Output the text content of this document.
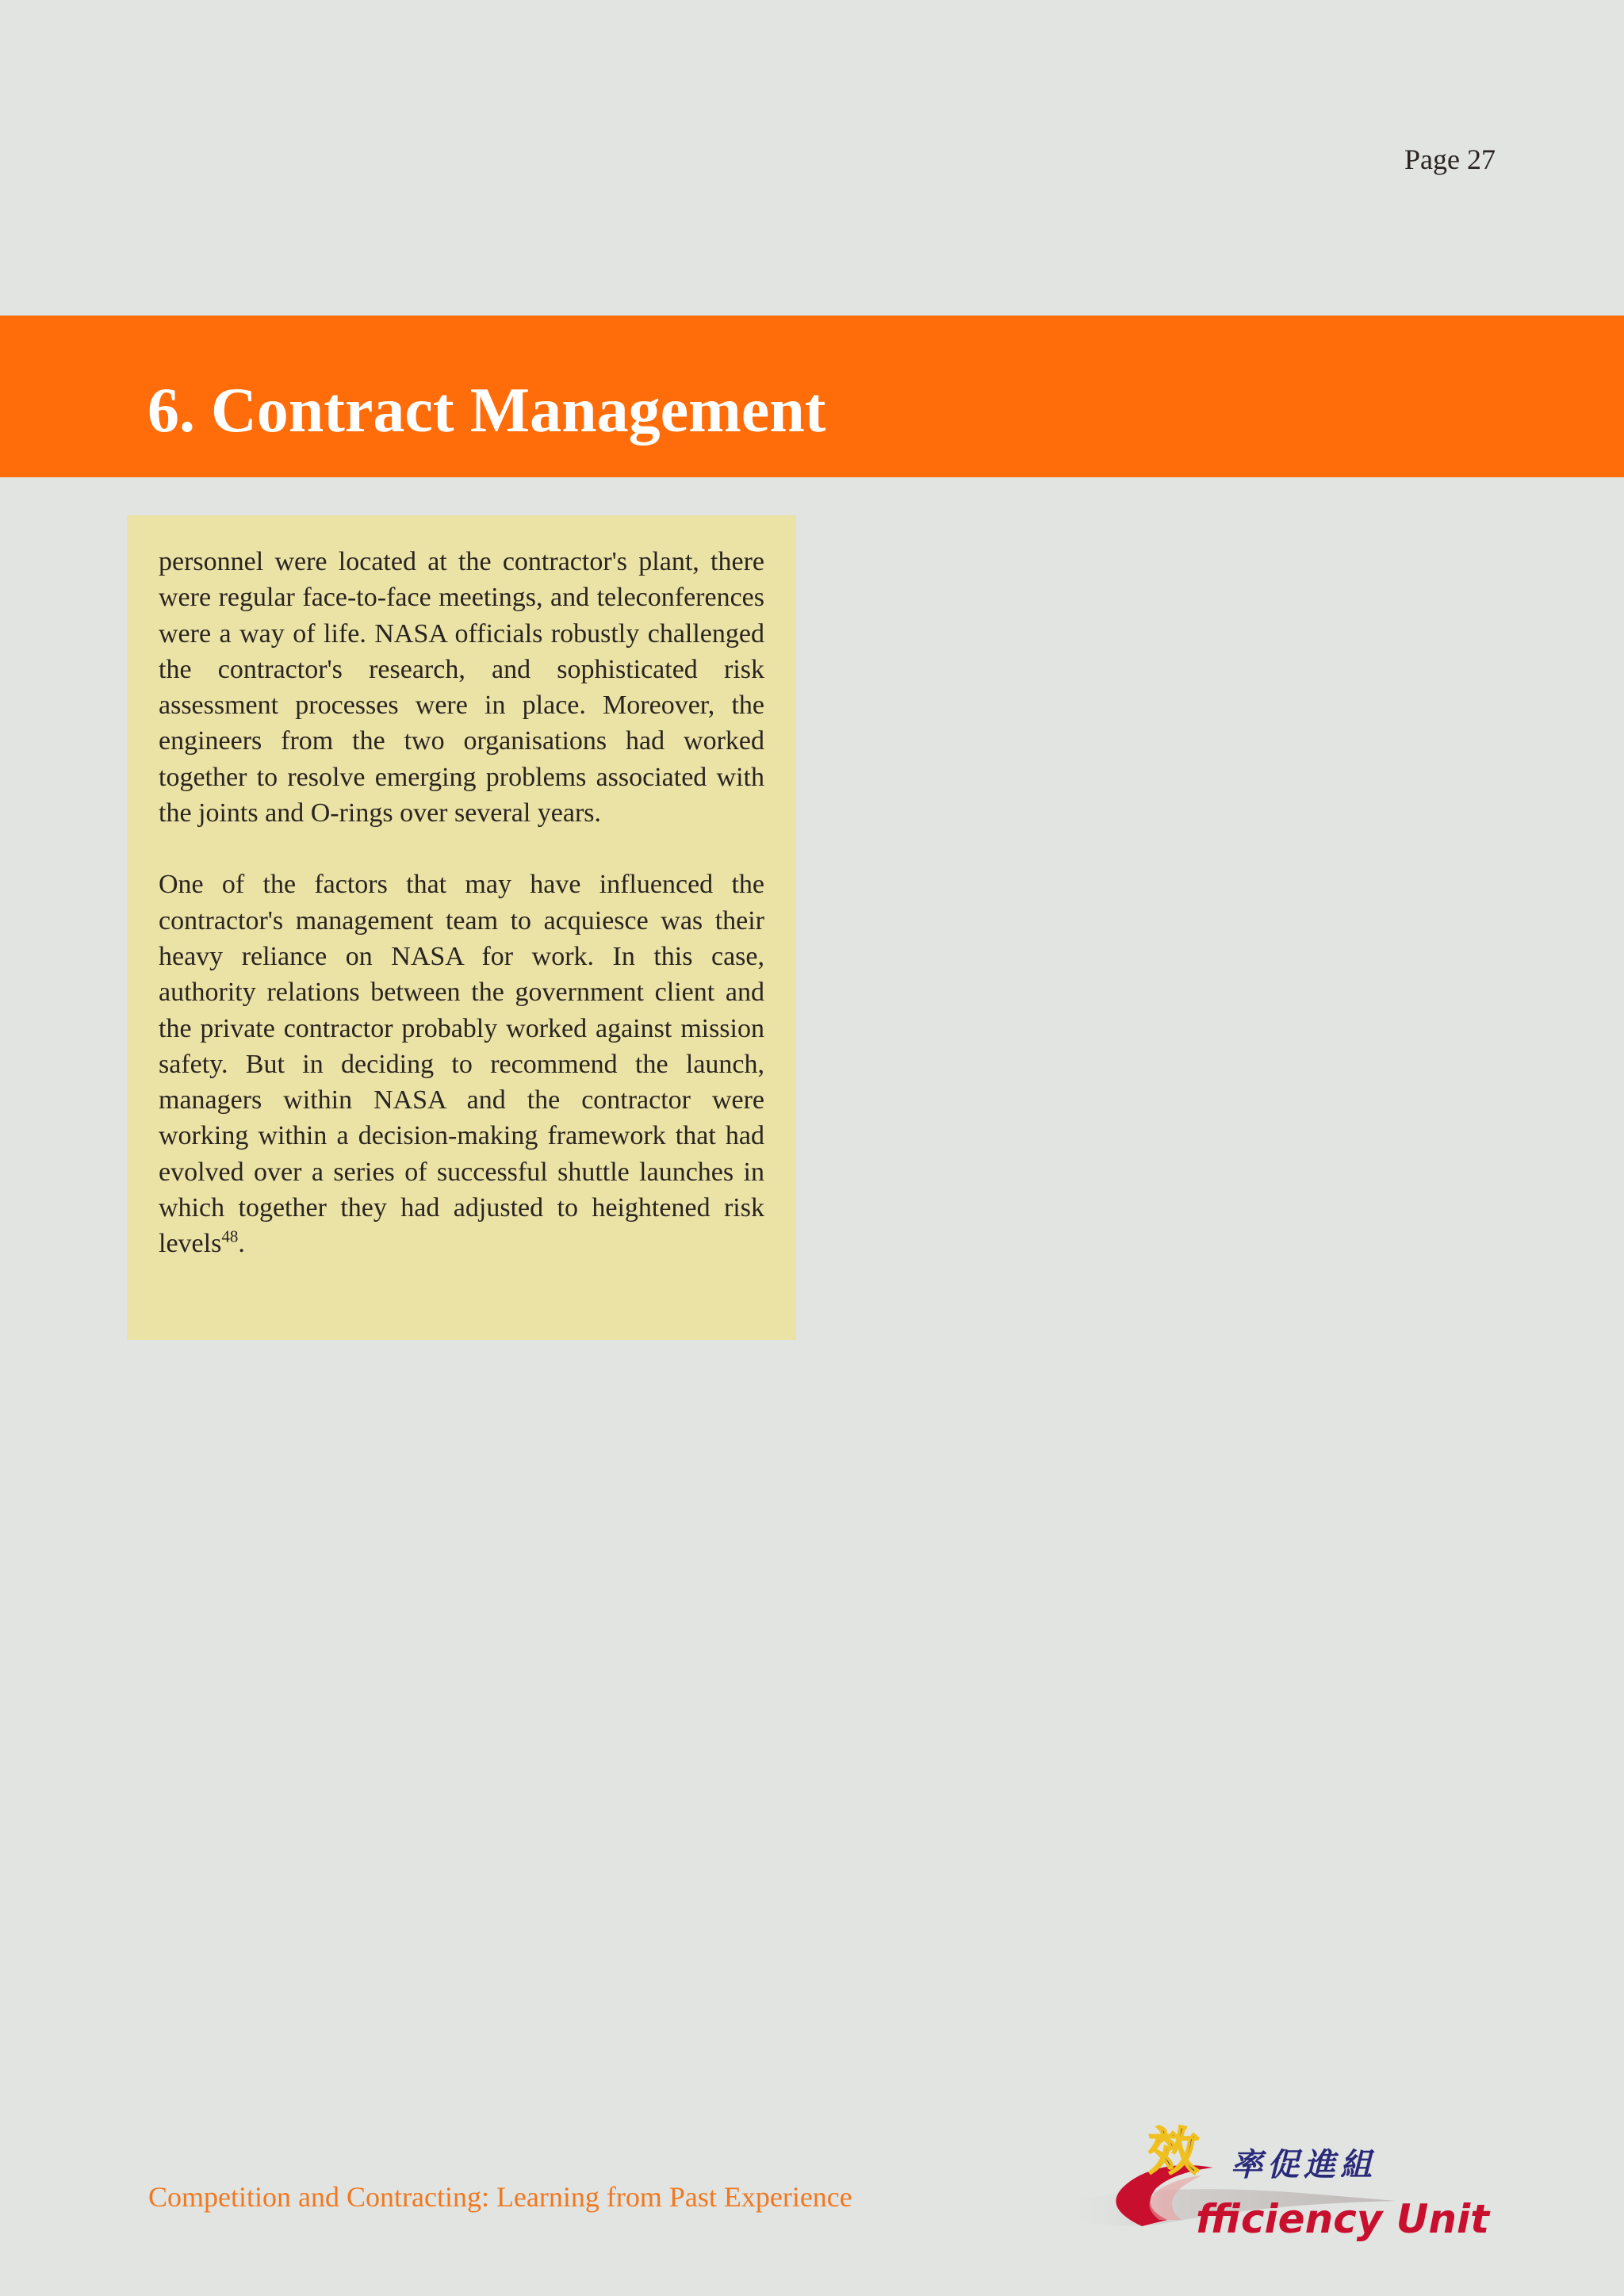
Page 27
6. Contract Management

personnel were located at the contractor's plant, there were regular face-to-face meetings, and teleconferences were a way of life. NASA officials robustly challenged the contractor's research, and sophisticated risk assessment processes were in place. Moreover, the engineers from the two organisations had worked together to resolve emerging problems associated with the joints and O-rings over several years.

One of the factors that may have influenced the contractor's management team to acquiesce was their heavy reliance on NASA for work. In this case, authority relations between the government client and the private contractor probably worked against mission safety. But in deciding to recommend the launch, managers within NASA and the contractor were working within a decision-making framework that had evolved over a series of successful shuttle launches in which together they had adjusted to heightened risk levels$^{48}$.

Competition and Contracting: Learning from Past Experience
效 率促進組
fficiency Unit
